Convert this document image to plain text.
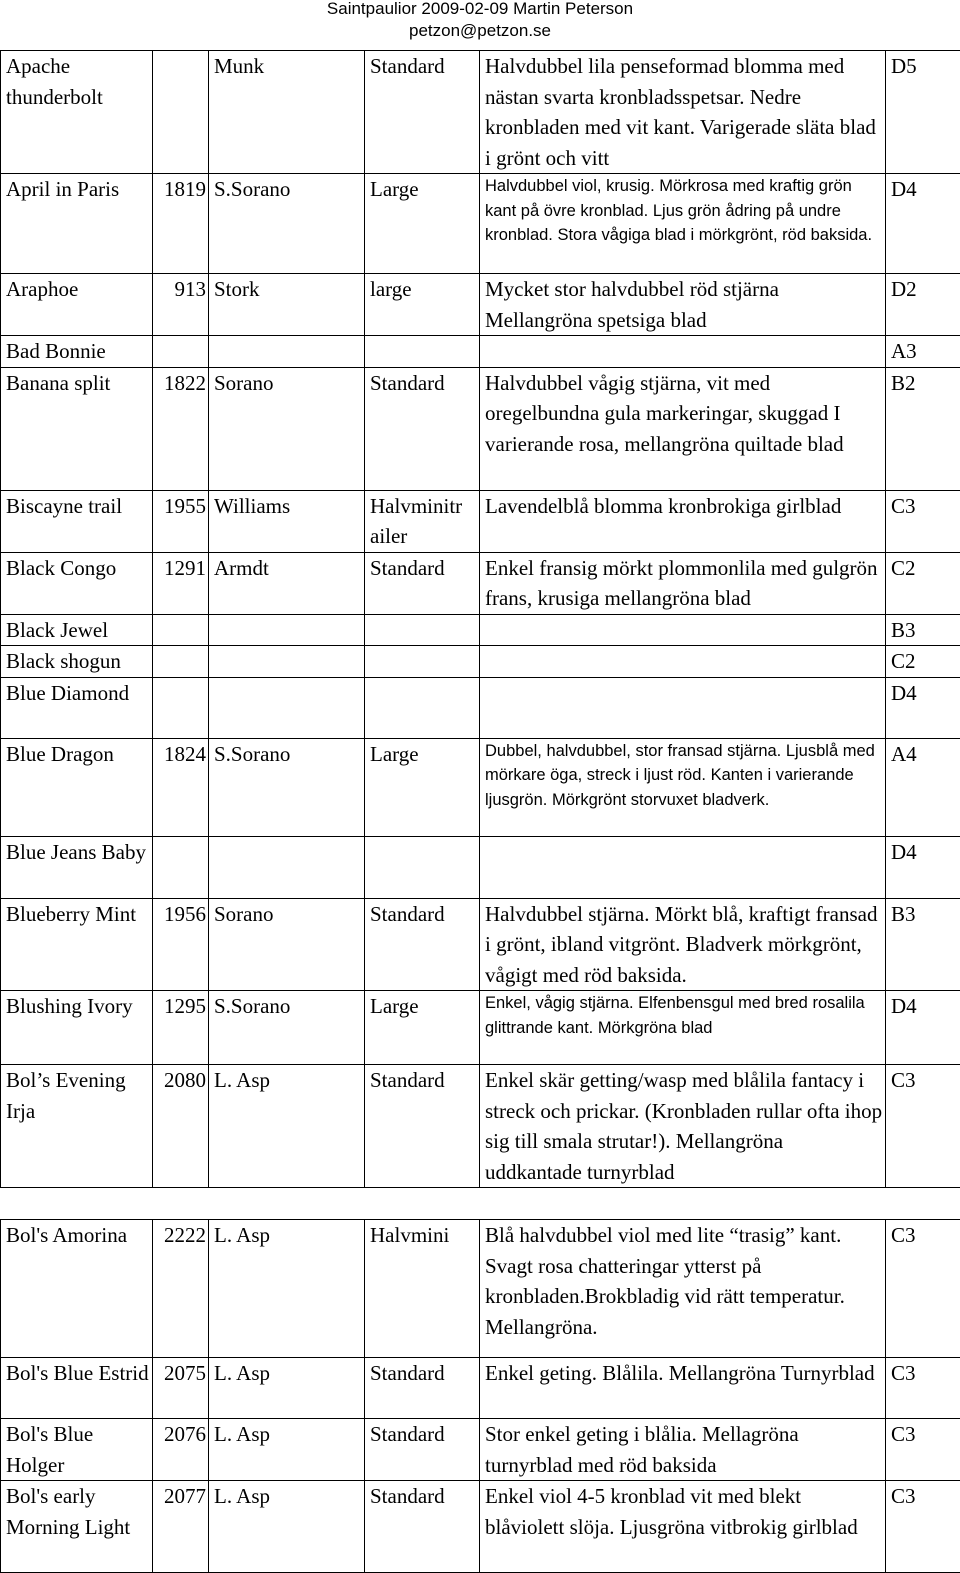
Saintpaulior 2009-02-09 Martin Peterson
petzon@petzon.se
Apache thunderbolt		Munk	Standard	Halvdubbel lila penseformad blomma med nästan svarta kronbladsspetsar. Nedre kronbladen med vit kant. Varigerade släta blad i grönt och vitt	D5
April in Paris	1819	S.Sorano	Large	Halvdubbel viol, krusig. Mörkrosa med kraftig grön kant på övre kronblad. Ljus grön ådring på undre kronblad. Stora vågiga blad i mörkgrönt, röd baksida.	D4
Araphoe	913	Stork	large	Mycket stor halvdubbel röd stjärna Mellangröna spetsiga blad	D2
Bad Bonnie					A3
Banana split	1822	Sorano	Standard	Halvdubbel vågig stjärna, vit med oregelbundna gula markeringar, skuggad I varierande rosa, mellangröna quiltade blad	B2
Biscayne trail	1955	Williams	Halvminitr ailer	Lavendelblå blomma kronbrokiga girlblad	C3
Black Congo	1291	Armdt	Standard	Enkel fransig mörkt plommonlila med gulgrön frans, krusiga mellangröna blad	C2
Black Jewel					B3
Black shogun					C2
Blue Diamond					D4
Blue Dragon	1824	S.Sorano	Large	Dubbel, halvdubbel, stor fransad stjärna. Ljusblå med mörkare öga, streck i ljust röd. Kanten i varierande ljusgrön. Mörkgrönt storvuxet bladverk.	A4
Blue Jeans Baby					D4
Blueberry Mint	1956	Sorano	Standard	Halvdubbel stjärna. Mörkt blå, kraftigt fransad i grönt, ibland vitgrönt. Bladverk mörkgrönt, vågigt med röd baksida.	B3
Blushing Ivory	1295	S.Sorano	Large	Enkel, vågig stjärna. Elfenbensgul med bred rosalila glittrande kant. Mörkgröna blad	D4
Bol’s Evening Irja	2080	L. Asp	Standard	Enkel skär getting/wasp med blålila fantacy i streck och prickar. (Kronbladen rullar ofta ihop sig till smala strutar!). Mellangröna uddkantade turnyrblad	C3

Bol's Amorina	2222	L. Asp	Halvmini	Blå halvdubbel viol med lite “trasig” kant. Svagt rosa chatteringar ytterst på kronbladen.Brokbladig vid rätt temperatur. Mellangröna.	C3
Bol's Blue Estrid	2075	L. Asp	Standard	Enkel geting. Blålila. Mellangröna Turnyrblad	C3
Bol's Blue Holger	2076	L. Asp	Standard	Stor enkel geting i blålia. Mellagröna turnyrblad med röd baksida	C3
Bol's early Morning Light	2077	L. Asp	Standard	Enkel viol 4-5 kronblad vit med blekt blåviolett slöja. Ljusgröna vitbrokig girlblad	C3
